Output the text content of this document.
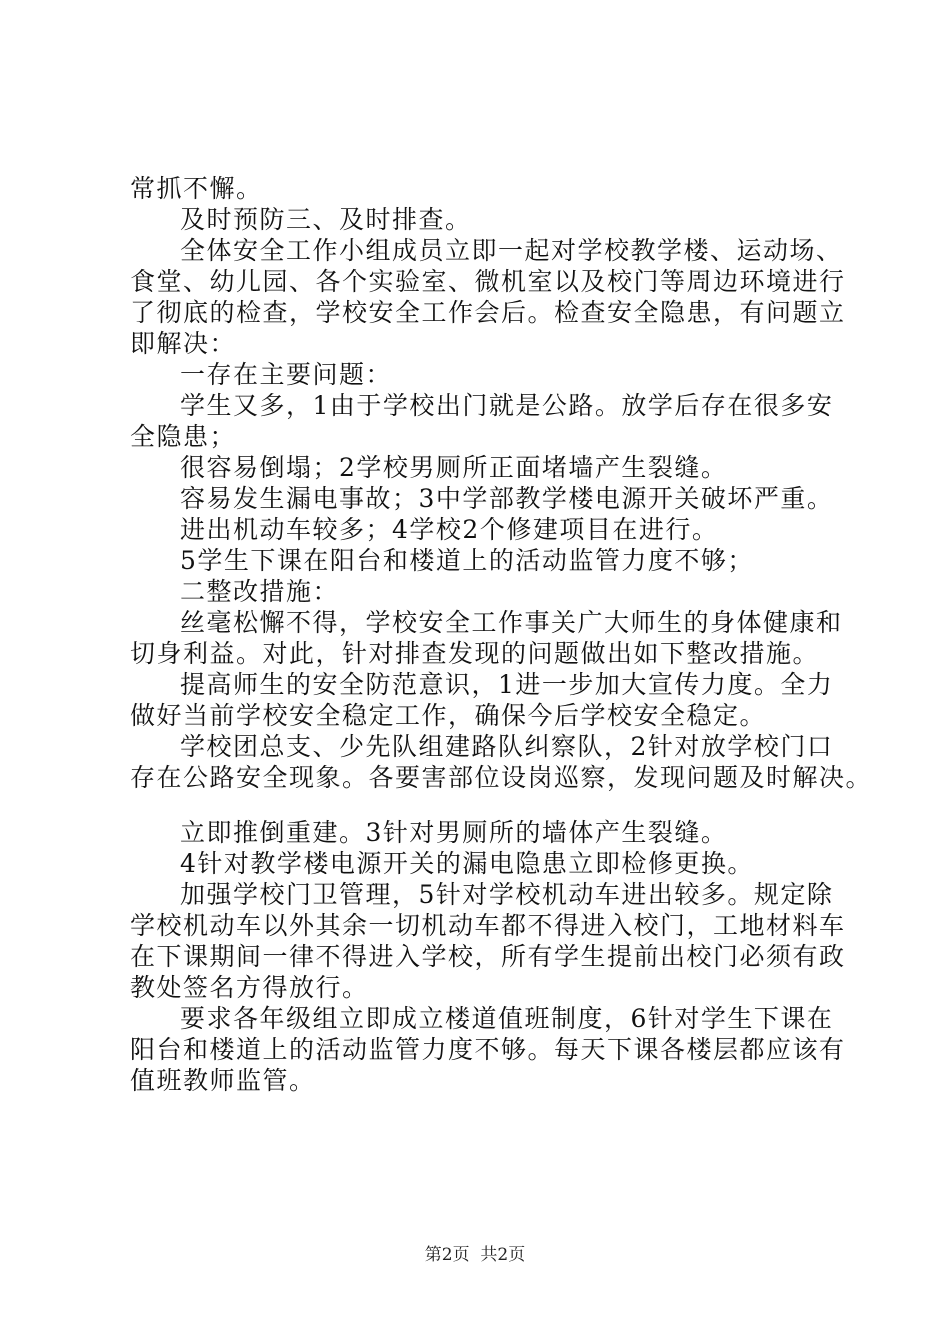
常抓不懈。
及时预防三、及时排查。
全体安全工作小组成员立即一起对学校教学楼、运动场、
食堂、幼儿园、各个实验室、微机室以及校门等周边环境进行
了彻底的检查，学校安全工作会后。检查安全隐患，有问题立
即解决：
一存在主要问题：
学生又多，1由于学校出门就是公路。放学后存在很多安
全隐患；
很容易倒塌；2学校男厕所正面堵墙产生裂缝。
容易发生漏电事故；3中学部教学楼电源开关破坏严重。
进出机动车较多；4学校2个修建项目在进行。
5学生下课在阳台和楼道上的活动监管力度不够；
二整改措施：
丝毫松懈不得，学校安全工作事关广大师生的身体健康和
切身利益。对此，针对排查发现的问题做出如下整改措施。
提高师生的安全防范意识，1进一步加大宣传力度。全力
做好当前学校安全稳定工作，确保今后学校安全稳定。
学校团总支、少先队组建路队纠察队，2针对放学校门口
存在公路安全现象。各要害部位设岗巡察，发现问题及时解决。
立即推倒重建。3针对男厕所的墙体产生裂缝。
4针对教学楼电源开关的漏电隐患立即检修更换。
加强学校门卫管理，5针对学校机动车进出较多。规定除
学校机动车以外其余一切机动车都不得进入校门，工地材料车
在下课期间一律不得进入学校，所有学生提前出校门必须有政
教处签名方得放行。
要求各年级组立即成立楼道值班制度，6针对学生下课在
阳台和楼道上的活动监管力度不够。每天下课各楼层都应该有
值班教师监管。
第2页  共2页
